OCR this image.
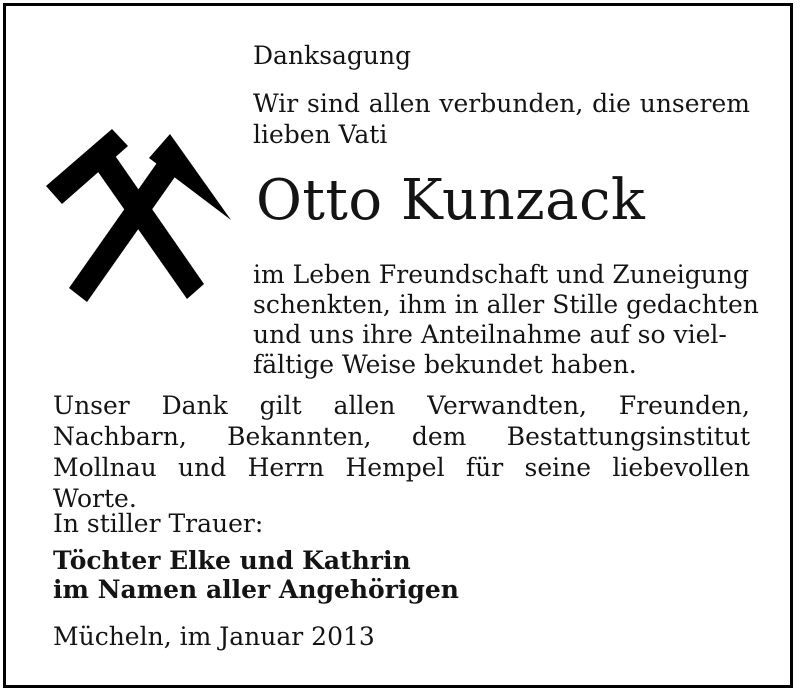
Danksagung

Wir sind allen verbunden, die unserem lieben Vati

Otto Kunzack

im Leben Freundschaft und Zuneigung

schenkten, ihm in aller Stille gedachten

und uns ihre Anteilnahme auf so viel-

fältige Weise bekundet haben.

Unser Dank gilt allen Verwandten, Freunden, Nachbarn, Bekannten, dem Bestattungsinstitut Mollnau und Herrn Hempel für seine liebevollen Worte.

In stiller Trauer:

Töchter Elke und Kathrin

im Namen aller Angehörigen

Mücheln, im Januar 2013
